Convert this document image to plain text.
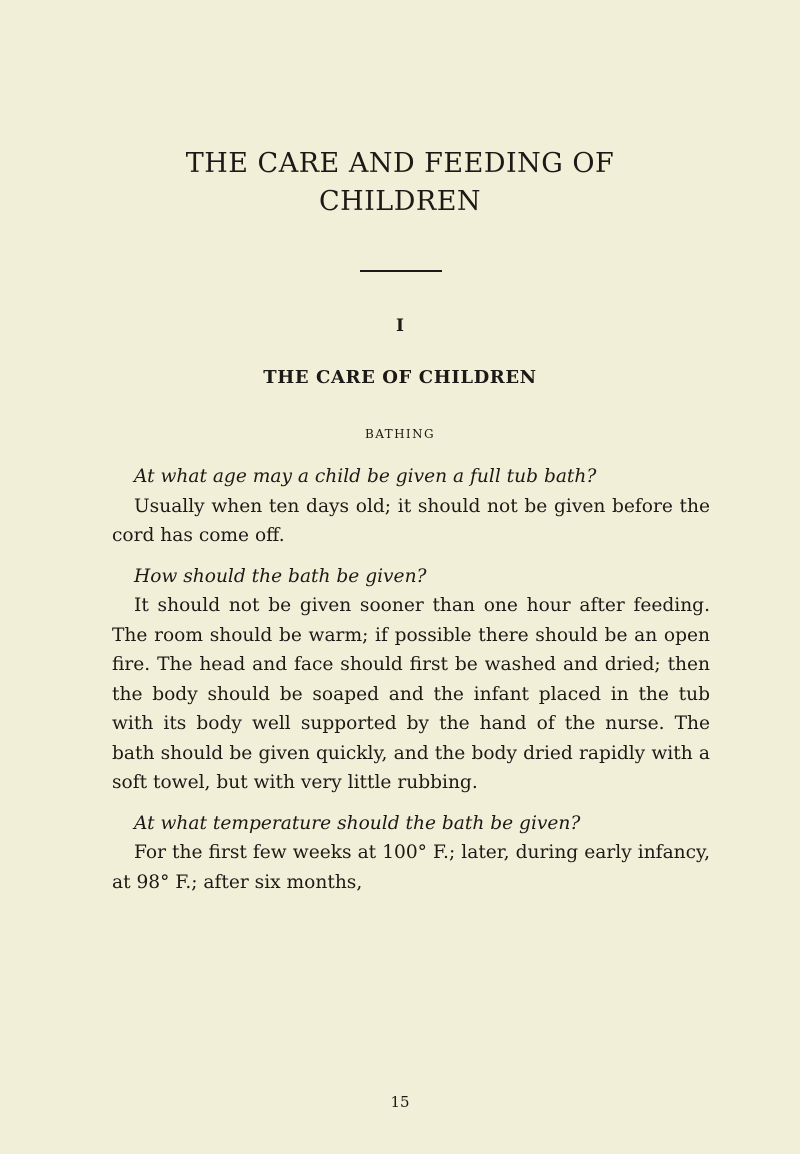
THE CARE AND FEEDING OF
CHILDREN
I
THE CARE OF CHILDREN
BATHING

At what age may a child be given a full tub bath?

Usually when ten days old; it should not be given before the cord has come off.

How should the bath be given?

It should not be given sooner than one hour after feeding. The room should be warm; if possible there should be an open fire. The head and face should first be washed and dried; then the body should be soaped and the infant placed in the tub with its body well supported by the hand of the nurse. The bath should be given quickly, and the body dried rapidly with a soft towel, but with very little rubbing.

At what temperature should the bath be given?

For the first few weeks at 100° F.; later, during early infancy, at 98° F.; after six months,

15
